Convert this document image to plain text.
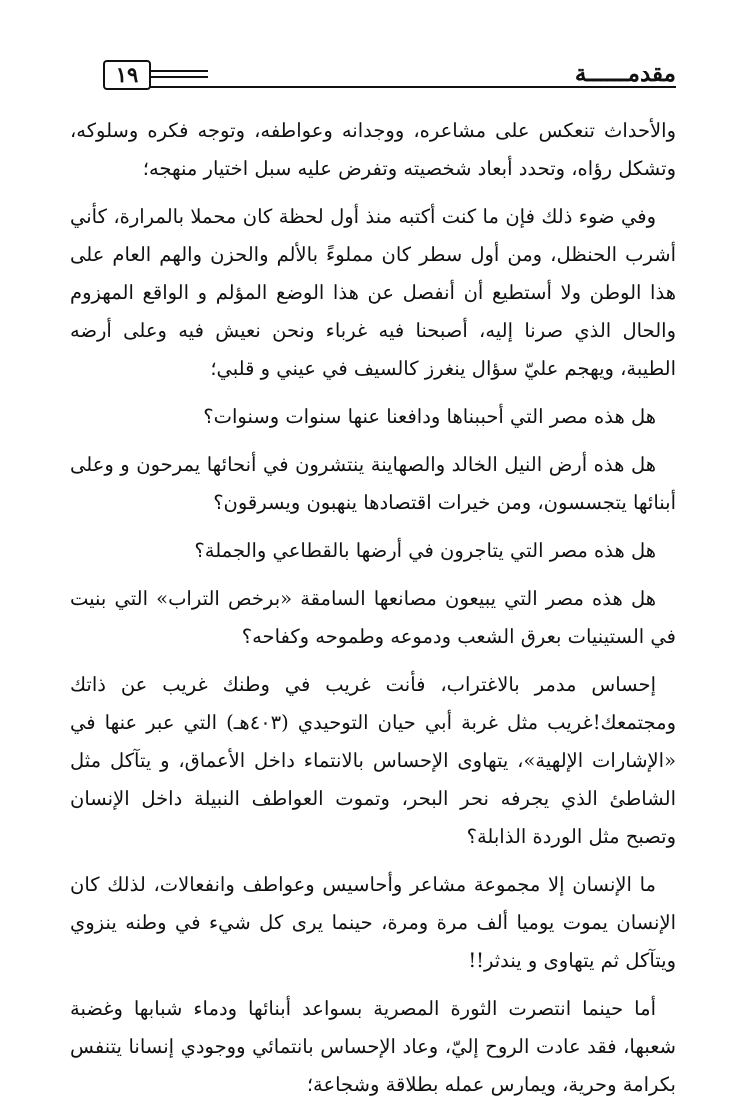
مقدمــــــة
١٩

والأحداث تنعكس على مشاعره، ووجدانه وعواطفه، وتوجه فكره وسلوكه، وتشكل رؤاه، وتحدد أبعاد شخصيته وتفرض عليه سبل اختيار منهجه؛

وفي ضوء ذلك فإن ما كنت أكتبه منذ أول لحظة كان محملا بالمرارة، كأني أشرب الحنظل، ومن أول سطر كان مملوءً بالألم والحزن والهم العام على هذا الوطن ولا أستطيع أن أنفصل عن هذا الوضع المؤلم و الواقع المهزوم والحال الذي صرنا إليه، أصبحنا فيه غرباء ونحن نعيش فيه وعلى أرضه الطيبة، ويهجم عليّ سؤال ينغرز كالسيف في عيني و قلبي؛

هل هذه مصر التي أحببناها ودافعنا عنها سنوات وسنوات؟

هل هذه أرض النيل الخالد والصهاينة ينتشرون في أنحائها يمرحون و وعلى أبنائها يتجسسون، ومن خيرات اقتصادها ينهبون ويسرقون؟

هل هذه مصر التي يتاجرون في أرضها بالقطاعي والجملة؟

هل هذه مصر التي يبيعون مصانعها السامقة «برخص التراب» التي بنيت في الستينيات بعرق الشعب ودموعه وطموحه وكفاحه؟

إحساس مدمر بالاغتراب، فأنت غريب في وطنك غريب عن ذاتك ومجتمعك!غريب مثل غربة أبي حيان التوحيدي (٤٠٣هـ) التي عبر عنها في «الإشارات الإلهية»، يتهاوى الإحساس بالانتماء داخل الأعماق، و يتآكل مثل الشاطئ الذي يجرفه نحر البحر، وتموت العواطف النبيلة داخل الإنسان وتصبح مثل الوردة الذابلة؟

ما الإنسان إلا مجموعة مشاعر وأحاسيس وعواطف وانفعالات، لذلك كان الإنسان يموت يوميا ألف مرة ومرة، حينما يرى كل شيء في وطنه ينزوي ويتآكل ثم يتهاوى و يندثر!!

أما حينما انتصرت الثورة المصرية بسواعد أبنائها ودماء شبابها وغضبة شعبها، فقد عادت الروح إليّ، وعاد الإحساس بانتمائي ووجودي إنسانا يتنفس بكرامة وحرية، ويمارس عمله بطلاقة وشجاعة؛
